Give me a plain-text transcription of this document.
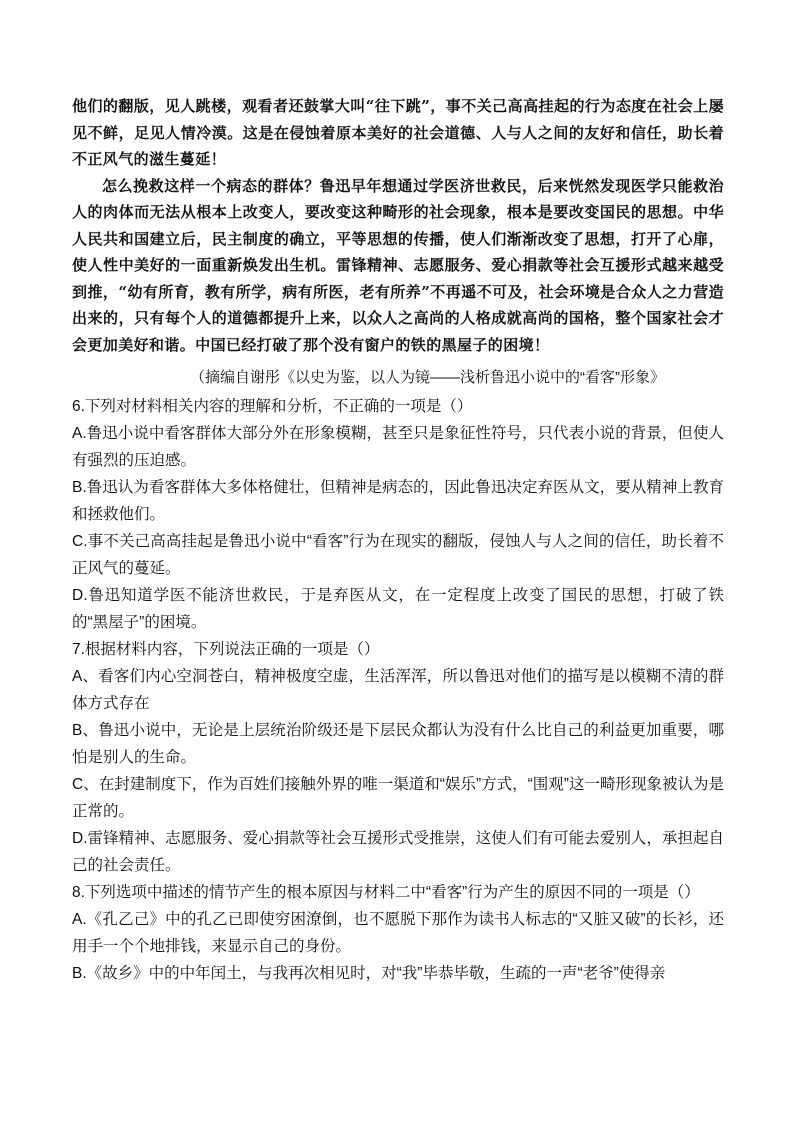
他们的翻版，见人跳楼，观看者还鼓掌大叫“往下跳”，事不关己高高挂起的行为态度在社会上屡见不鲜，足见人情冷漠。这是在侵蚀着原本美好的社会道德、人与人之间的友好和信任，助长着不正风气的滋生蔓延！

怎么挽救这样一个病态的群体？鲁迅早年想通过学医济世救民，后来恍然发现医学只能救治人的肉体而无法从根本上改变人，要改变这种畸形的社会现象，根本是要改变国民的思想。中华人民共和国建立后，民主制度的确立，平等思想的传播，使人们渐渐改变了思想，打开了心扉，使人性中美好的一面重新焕发出生机。雷锋精神、志愿服务、爱心捐款等社会互援形式越来越受到推，“幼有所育，教有所学，病有所医，老有所养”不再遥不可及，社会环境是合众人之力营造出来的，只有每个人的道德都提升上来，以众人之高尚的人格成就高尚的国格，整个国家社会才会更加美好和谐。中国已经打破了那个没有窗户的铁的黑屋子的困境！

（摘编自谢彤《以史为鉴，以人为镜——浅析鲁迅小说中的“看客”形象》

6.下列对材料相关内容的理解和分析，不正确的一项是（）

A.鲁迅小说中看客群体大部分外在形象模糊，甚至只是象征性符号，只代表小说的背景，但使人有强烈的压迫感。

B.鲁迅认为看客群体大多体格健壮，但精神是病态的，因此鲁迅决定弃医从文，要从精神上教育和拯救他们。

C.事不关己高高挂起是鲁迅小说中“看客”行为在现实的翻版，侵蚀人与人之间的信任，助长着不正风气的蔓延。

D.鲁迅知道学医不能济世救民，于是弃医从文，在一定程度上改变了国民的思想，打破了铁的“黑屋子”的困境。

7.根据材料内容，下列说法正确的一项是（）

A、看客们内心空洞苍白，精神极度空虚，生活浑浑，所以鲁迅对他们的描写是以模糊不清的群体方式存在

B、鲁迅小说中，无论是上层统治阶级还是下层民众都认为没有什么比自己的利益更加重要，哪怕是别人的生命。

C、在封建制度下，作为百姓们接触外界的唯一渠道和“娱乐”方式，“围观”这一畸形现象被认为是正常的。

D.雷锋精神、志愿服务、爱心捐款等社会互援形式受推崇，这使人们有可能去爱别人，承担起自己的社会责任。

8.下列选项中描述的情节产生的根本原因与材料二中“看客”行为产生的原因不同的一项是（）

A.《孔乙己》中的孔乙已即使穷困潦倒，也不愿脱下那作为读书人标志的“又脏又破”的长衫，还用手一个个地排钱，来显示自己的身份。

B.《故乡》中的中年闰土，与我再次相见时，对“我”毕恭毕敬，生疏的一声“老爷”使得亲
